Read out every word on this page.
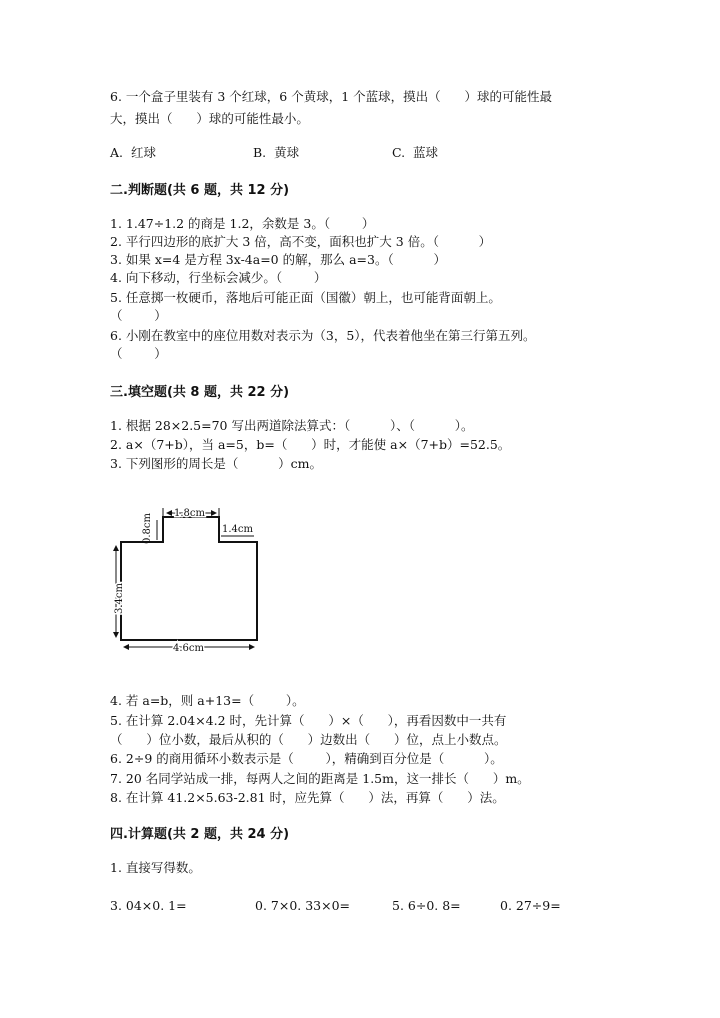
6. 一个盒子里装有 3 个红球，6 个黄球，1 个蓝球，摸出（      ）球的可能性最
大，摸出（      ）球的可能性最小。
A.  红球	B.  黄球	C.  蓝球
二.判断题(共 6 题，共 12 分)
1. 1.47÷1.2 的商是 1.2，余数是 3。（        ）
2. 平行四边形的底扩大 3 倍，高不变，面积也扩大 3 倍。（          ）
3. 如果 x=4 是方程 3x-4a=0 的解，那么 a=3。（          ）
4. 向下移动，行坐标会减少。（        ）
5. 任意掷一枚硬币，落地后可能正面（国徽）朝上，也可能背面朝上。
（        ）
6. 小刚在教室中的座位用数对表示为（3，5），代表着他坐在第三行第五列。
（        ）
三.填空题(共 8 题，共 22 分)
1. 根据 28×2.5=70 写出两道除法算式：（          ）、（          ）。
2. a×（7+b），当 a=5，b=（      ）时，才能使 a×（7+b）=52.5。
3. 下列图形的周长是（          ）cm。
1.8cm
0.8cm	1.4cm
3.4cm
4.6cm
4. 若 a=b，则 a+13=（        ）。
5. 在计算 2.04×4.2 时，先计算（      ）×（      ），再看因数中一共有
（      ）位小数，最后从积的（      ）边数出（      ）位，点上小数点。
6. 2÷9 的商用循环小数表示是（        ），精确到百分位是（          ）。
7. 20 名同学站成一排，每两人之间的距离是 1.5m，这一排长（      ）m。
8. 在计算 41.2×5.63-2.81 时，应先算（      ）法，再算（      ）法。
四.计算题(共 2 题，共 24 分)
1. 直接写得数。
3. 04×0. 1=	0. 7×0. 33×0=	5. 6÷0. 8=	0. 27÷9=
